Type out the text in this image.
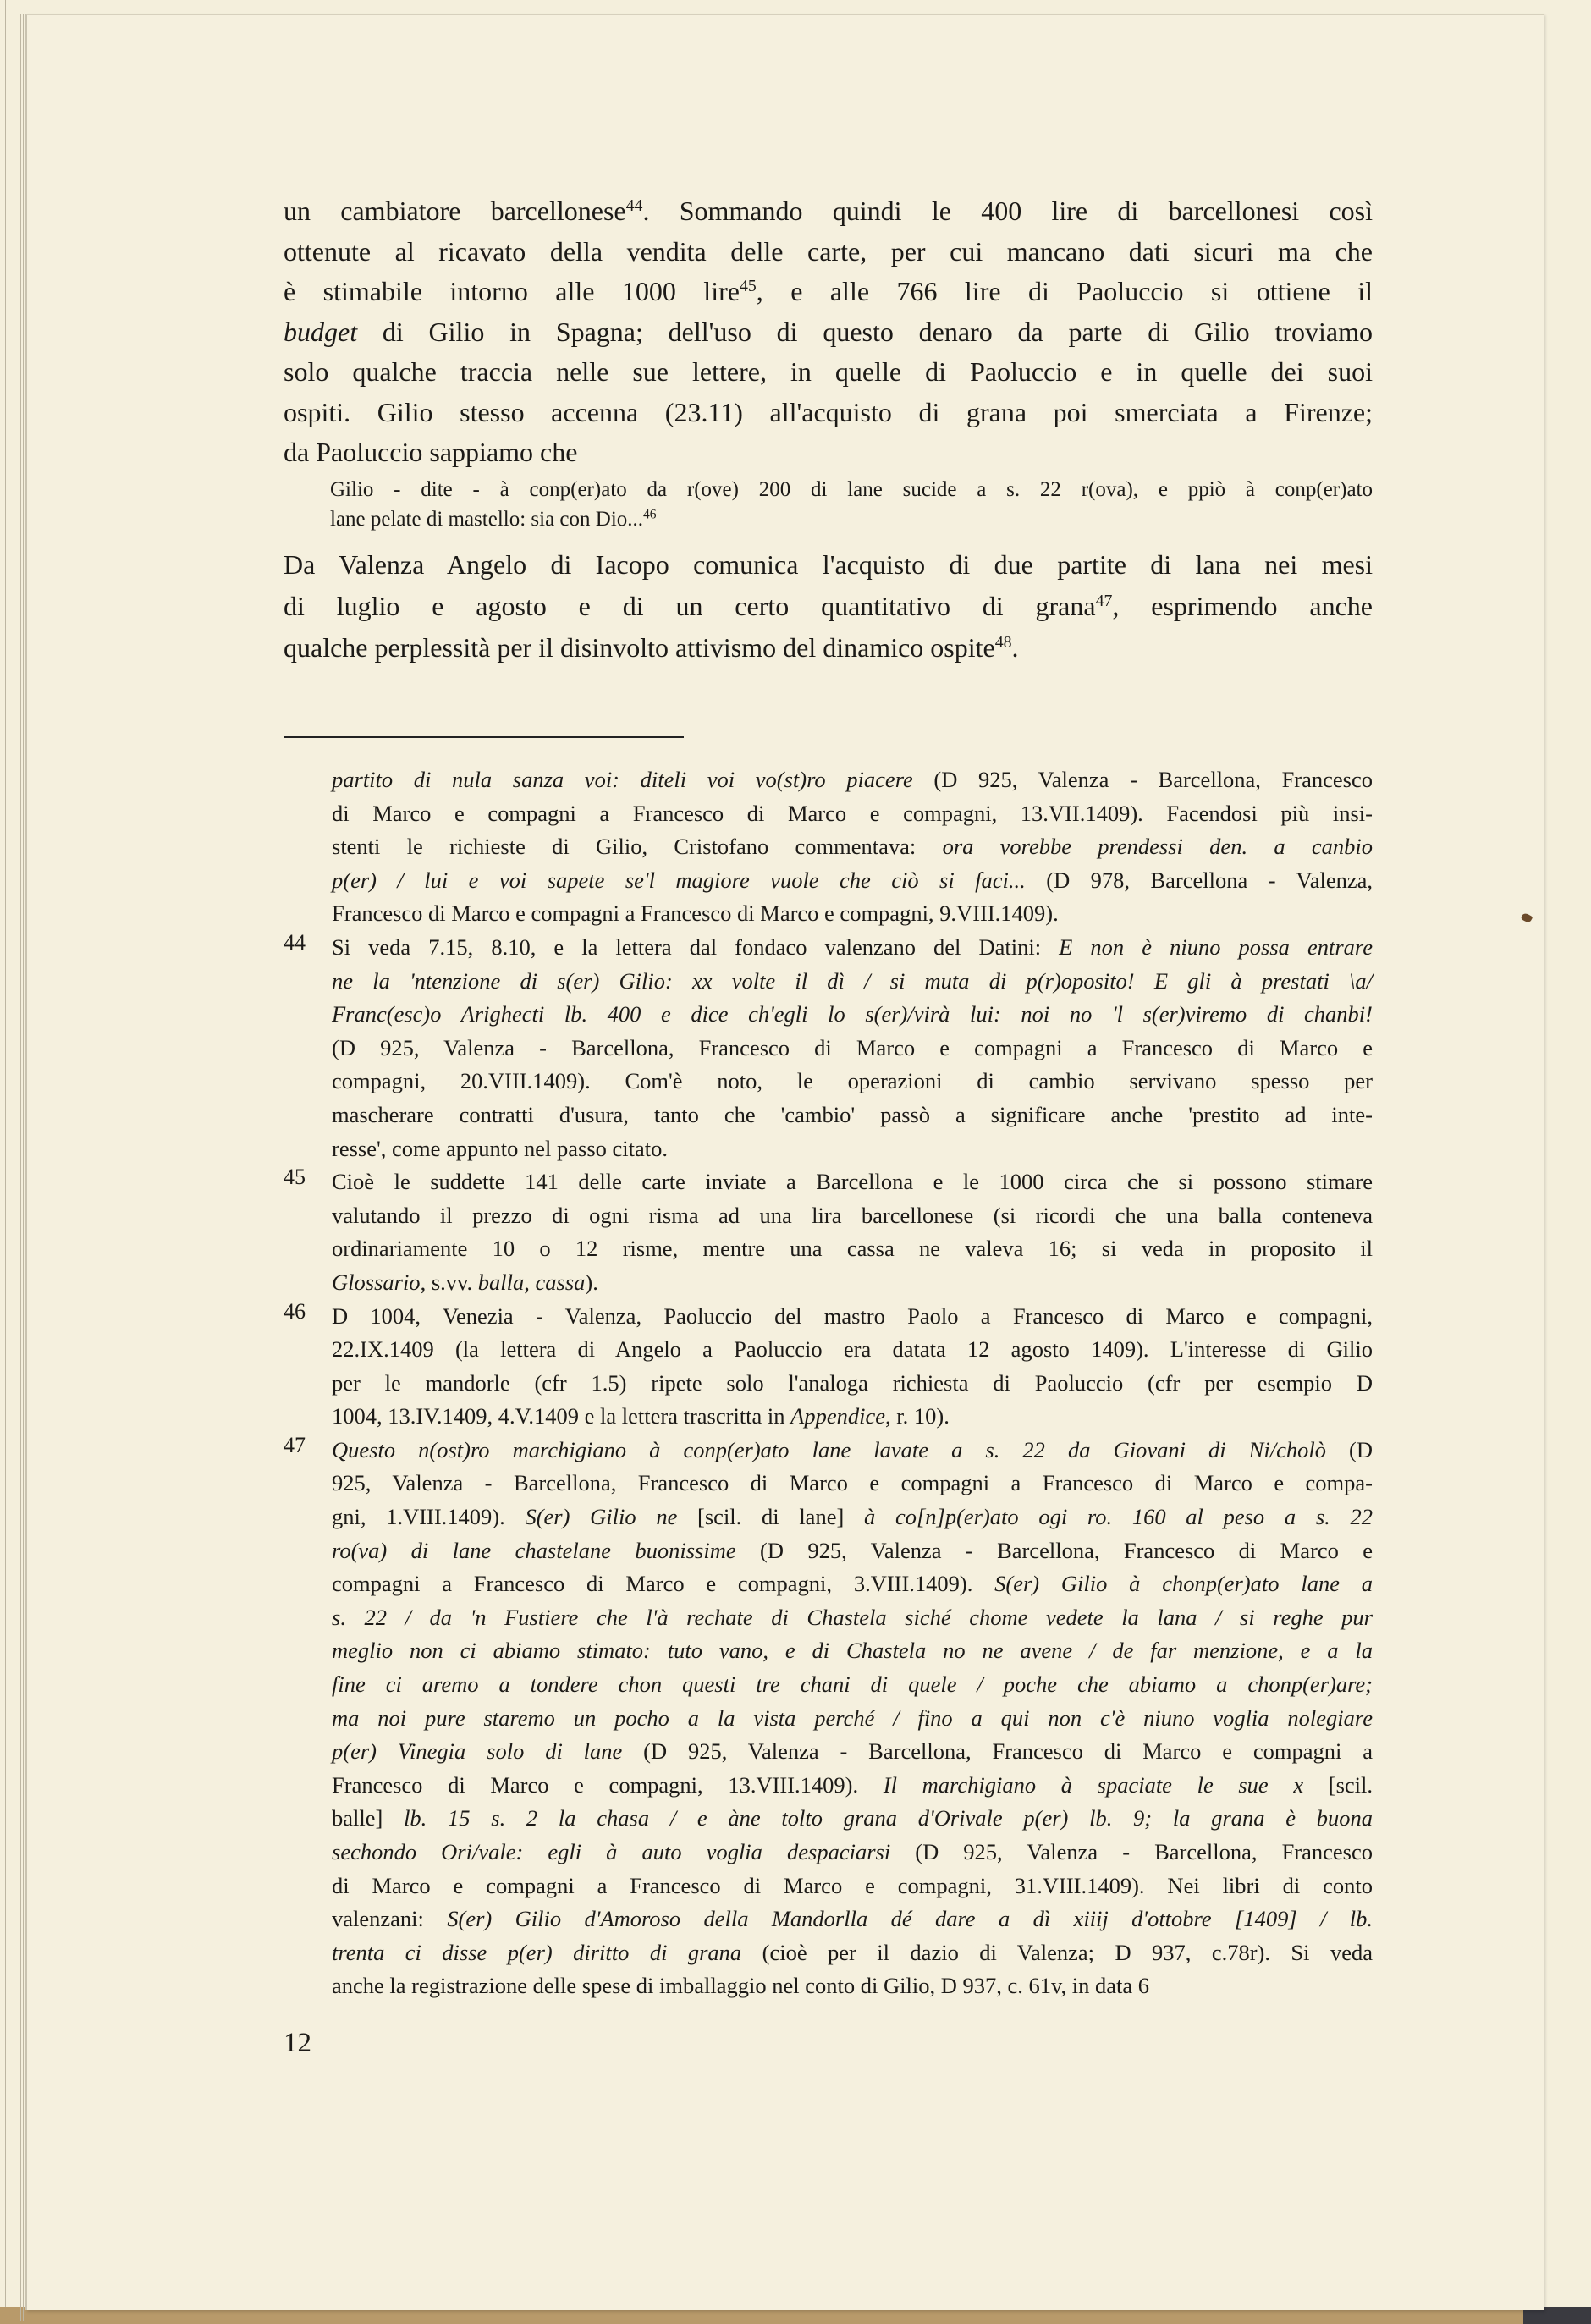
un cambiatore barcellonese$^{44}$. Sommando quindi le 400 lire di barcellonesi così
ottenute al ricavato della vendita delle carte, per cui mancano dati sicuri ma che
è stimabile intorno alle 1000 lire$^{45}$, e alle 766 lire di Paoluccio si ottiene il
budget di Gilio in Spagna; dell'uso di questo denaro da parte di Gilio troviamo
solo qualche traccia nelle sue lettere, in quelle di Paoluccio e in quelle dei suoi
ospiti. Gilio stesso accenna (23.11) all'acquisto di grana poi smerciata a Firenze;
da Paoluccio sappiamo che
Gilio - dite - à conp(er)ato da r(ove) 200 di lane sucide a s. 22 r(ova), e ppiò à conp(er)ato
lane pelate di mastello: sia con Dio...$^{46}$
Da Valenza Angelo di Iacopo comunica l'acquisto di due partite di lana nei mesi
di luglio e agosto e di un certo quantitativo di grana$^{47}$, esprimendo anche
qualche perplessità per il disinvolto attivismo del dinamico ospite$^{48}$.
partito di nula sanza voi: diteli voi vo(st)ro piacere (D 925, Valenza - Barcellona, Francesco
di Marco e compagni a Francesco di Marco e compagni, 13.VII.1409). Facendosi più insi-
stenti le richieste di Gilio, Cristofano commentava: ora vorebbe prendessi den. a canbio
p(er) / lui e voi sapete se'l magiore vuole che ciò si faci... (D 978, Barcellona - Valenza,
Francesco di Marco e compagni a Francesco di Marco e compagni, 9.VIII.1409).
44 Si veda 7.15, 8.10, e la lettera dal fondaco valenzano del Datini: E non è niuno possa entrare
ne la 'ntenzione di s(er) Gilio: xx volte il dì / si muta di p(r)oposito! E gli à prestati \a/
Franc(esc)o Arighecti lb. 400 e dice ch'egli lo s(er)/virà lui: noi no 'l s(er)viremo di chanbi!
(D 925, Valenza - Barcellona, Francesco di Marco e compagni a Francesco di Marco e
compagni, 20.VIII.1409). Com'è noto, le operazioni di cambio servivano spesso per
mascherare contratti d'usura, tanto che 'cambio' passò a significare anche 'prestito ad inte-
resse', come appunto nel passo citato.
45 Cioè le suddette 141 delle carte inviate a Barcellona e le 1000 circa che si possono stimare
valutando il prezzo di ogni risma ad una lira barcellonese (si ricordi che una balla conteneva
ordinariamente 10 o 12 risme, mentre una cassa ne valeva 16; si veda in proposito il
Glossario, s.vv. balla, cassa).
46 D 1004, Venezia - Valenza, Paoluccio del mastro Paolo a Francesco di Marco e compagni,
22.IX.1409 (la lettera di Angelo a Paoluccio era datata 12 agosto 1409). L'interesse di Gilio
per le mandorle (cfr 1.5) ripete solo l'analoga richiesta di Paoluccio (cfr per esempio D
1004, 13.IV.1409, 4.V.1409 e la lettera trascritta in Appendice, r. 10).
47 Questo n(ost)ro marchigiano à conp(er)ato lane lavate a s. 22 da Giovani di Ni/cholò (D
925, Valenza - Barcellona, Francesco di Marco e compagni a Francesco di Marco e compa-
gni, 1.VIII.1409). S(er) Gilio ne [scil. di lane] à co[n]p(er)ato ogi ro. 160 al peso a s. 22
ro(va) di lane chastelane buonissime (D 925, Valenza - Barcellona, Francesco di Marco e
compagni a Francesco di Marco e compagni, 3.VIII.1409). S(er) Gilio à chonp(er)ato lane a
s. 22 / da 'n Fustiere che l'à rechate di Chastela siché chome vedete la lana / si reghe pur
meglio non ci abiamo stimato: tuto vano, e di Chastela no ne avene / de far menzione, e a la
fine ci aremo a tondere chon questi tre chani di quele / poche che abiamo a chonp(er)are;
ma noi pure staremo un pocho a la vista perché / fino a qui non c'è niuno voglia nolegiare
p(er) Vinegia solo di lane (D 925, Valenza - Barcellona, Francesco di Marco e compagni a
Francesco di Marco e compagni, 13.VIII.1409). Il marchigiano à spaciate le sue x [scil.
balle] lb. 15 s. 2 la chasa / e àne tolto grana d'Orivale p(er) lb. 9; la grana è buona
sechondo Ori/vale: egli à auto voglia despaciarsi (D 925, Valenza - Barcellona, Francesco
di Marco e compagni a Francesco di Marco e compagni, 31.VIII.1409). Nei libri di conto
valenzani: S(er) Gilio d'Amoroso della Mandorlla dé dare a dì xiiij d'ottobre [1409] / lb.
trenta ci disse p(er) diritto di grana (cioè per il dazio di Valenza; D 937, c.78r). Si veda
anche la registrazione delle spese di imballaggio nel conto di Gilio, D 937, c. 61v, in data 6
12
